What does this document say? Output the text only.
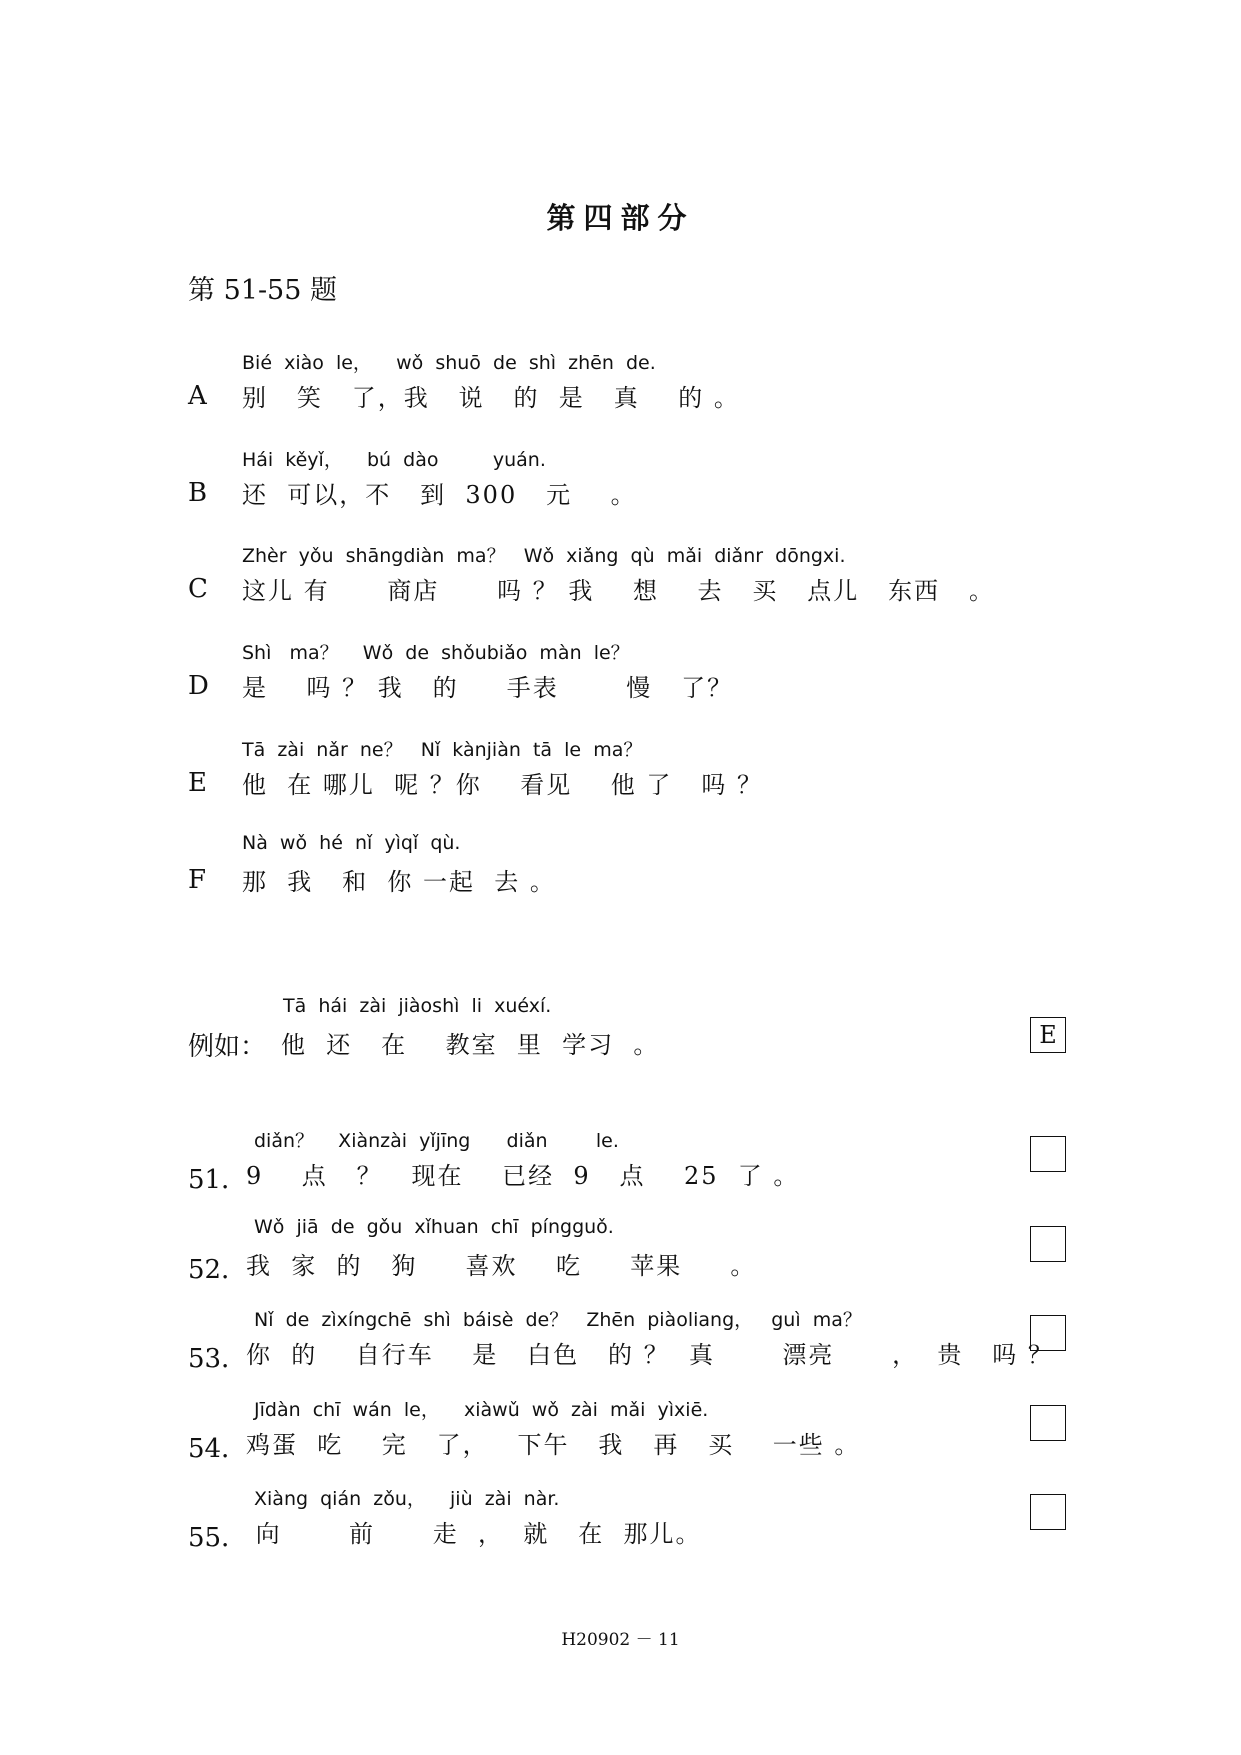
第四部分
第 51-55 题
A
Bié  xiào  le，    wǒ  shuō  de  shì  zhēn  de.
别   笑   了，我   说   的  是   真    的 。
B
Hái  kěyǐ，    bú  dào         yuán.
还  可以，不   到  300   元    。
C
Zhèr  yǒu  shāngdiàn  ma？   Wǒ  xiǎng  qù  mǎi  diǎnr  dōngxi.
这儿 有      商店      吗 ？ 我    想    去   买   点儿   东西   。
D
Shì   ma？    Wǒ  de  shǒubiǎo  màn  le？
是    吗 ？ 我   的     手表       慢   了？
E
Tā  zài  nǎr  ne？   Nǐ  kànjiàn  tā  le  ma？
他  在 哪儿  呢 ？你    看见    他 了   吗 ？
F
Nà  wǒ  hé  nǐ  yìqǐ  qù.
那  我   和  你 一起  去 。
例如：
Tā  hái  zài  jiàoshì  li  xuéxí.
他  还   在    教室  里  学习  。	E
51．
diǎn？    Xiànzài  yǐjīng      diǎn        le.
9    点   ？   现在    已经  9   点    25  了 。
52．
Wǒ  jiā  de  gǒu  xǐhuan  chī  píngguǒ.
我  家  的   狗     喜欢    吃     苹果     。
53．
Nǐ  de  zìxíngchē  shì  báisè  de？   Zhēn  piàoliang，   guì  ma？
你  的    自行车    是   白色   的 ？  真       漂亮      ，  贵   吗 ？
54．
Jīdàn  chī  wán  le，    xiàwǔ  wǒ  zài  mǎi  yìxiē.
鸡蛋  吃    完   了，   下午   我   再   买    一些 。
55．
Xiàng  qián  zǒu，    jiù  zài  nàr.
向       前      走  ，  就   在  那儿。
H20902 － 11
